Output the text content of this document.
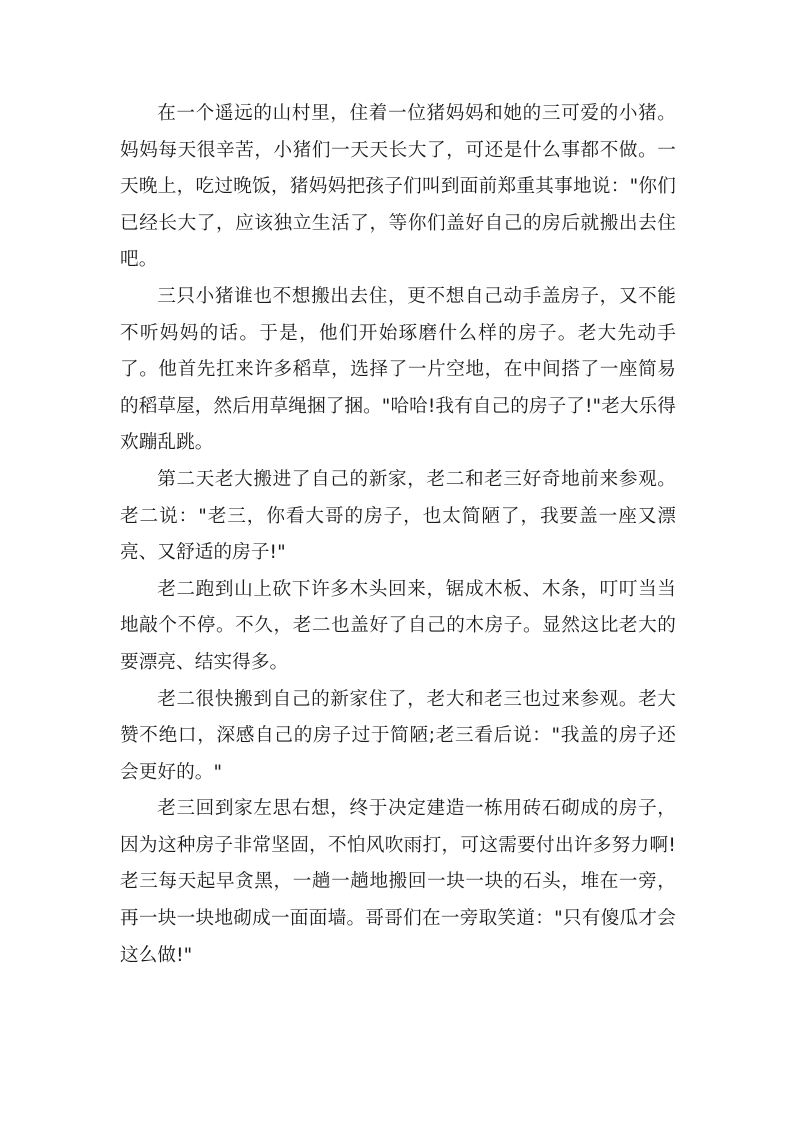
在一个遥远的山村里，住着一位猪妈妈和她的三可爱的小猪。妈妈每天很辛苦，小猪们一天天长大了，可还是什么事都不做。一天晚上，吃过晚饭，猪妈妈把孩子们叫到面前郑重其事地说："你们已经长大了，应该独立生活了，等你们盖好自己的房后就搬出去住吧。

三只小猪谁也不想搬出去住，更不想自己动手盖房子，又不能不听妈妈的话。于是，他们开始琢磨什么样的房子。老大先动手了。他首先扛来许多稻草，选择了一片空地，在中间搭了一座简易的稻草屋，然后用草绳捆了捆。"哈哈!我有自己的房子了!"老大乐得欢蹦乱跳。

第二天老大搬进了自己的新家，老二和老三好奇地前来参观。老二说："老三，你看大哥的房子，也太简陋了，我要盖一座又漂亮、又舒适的房子!"

老二跑到山上砍下许多木头回来，锯成木板、木条，叮叮当当地敲个不停。不久，老二也盖好了自己的木房子。显然这比老大的要漂亮、结实得多。

老二很快搬到自己的新家住了，老大和老三也过来参观。老大赞不绝口，深感自己的房子过于简陋;老三看后说："我盖的房子还会更好的。"

老三回到家左思右想，终于决定建造一栋用砖石砌成的房子，因为这种房子非常坚固，不怕风吹雨打，可这需要付出许多努力啊!老三每天起早贪黑，一趟一趟地搬回一块一块的石头，堆在一旁，再一块一块地砌成一面面墙。哥哥们在一旁取笑道："只有傻瓜才会这么做!"
